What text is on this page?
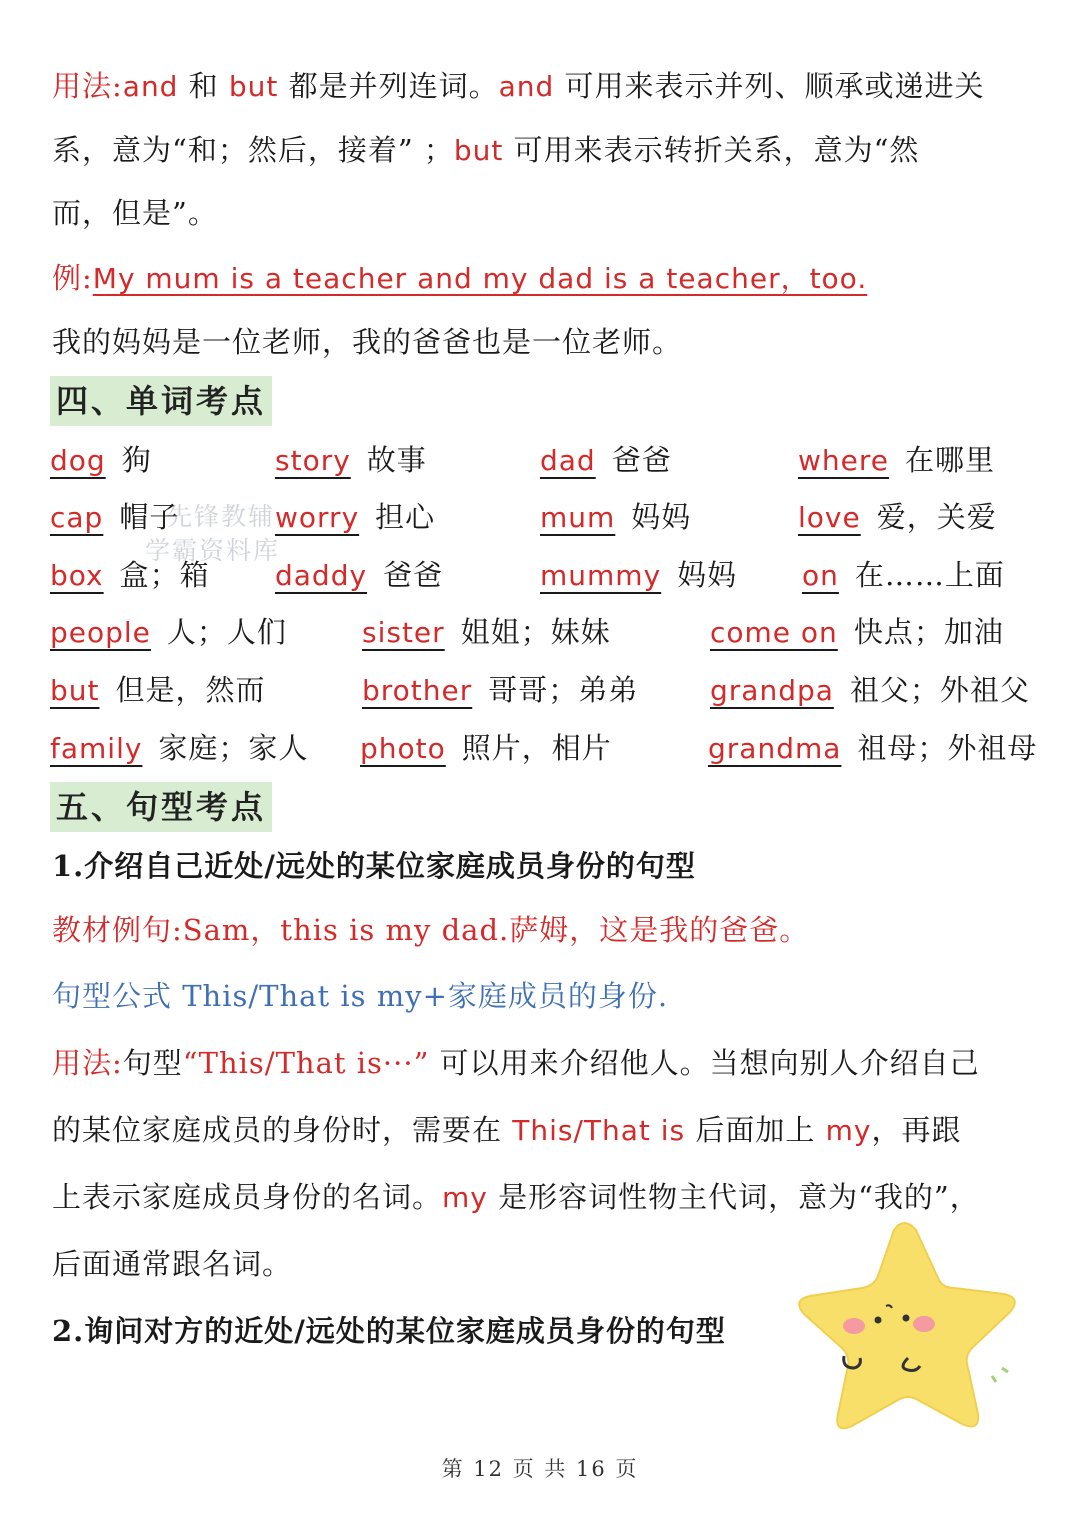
用法:and 和 but 都是并列连词。and 可用来表示并列、顺承或递进关
系，意为“和；然后，接着” ；but 可用来表示转折关系，意为“然
而，但是”。
例:My mum is a teacher and my dad is a teacher，too.
我的妈妈是一位老师，我的爸爸也是一位老师。
四、单词考点
dog 狗	story 故事	dad 爸爸	where 在哪里
cap 帽子	worry 担心	mum 妈妈	love 爱，关爱
box 盒；箱 daddy 爸爸	mummy 妈妈 on 在……上面
people 人；人们	sister 姐姐；妹妹	come on 快点；加油
but 但是，然而	brother 哥哥；弟弟	grandpa 祖父；外祖父
family 家庭；家人 photo 照片，相片	grandma 祖母；外祖母
先锋教辅
学霸资料库
五、句型考点
1.介绍自己近处/远处的某位家庭成员身份的句型
教材例句:Sam，this is my dad.萨姆，这是我的爸爸。
句型公式 This/That is my+家庭成员的身份.
用法:句型“This/That is···” 可以用来介绍他人。当想向别人介绍自己
的某位家庭成员的身份时，需要在 This/That is 后面加上 my，再跟
上表示家庭成员身份的名词。my 是形容词性物主代词，意为“我的”，
后面通常跟名词。
2.询问对方的近处/远处的某位家庭成员身份的句型
第 12 页 共 16 页
